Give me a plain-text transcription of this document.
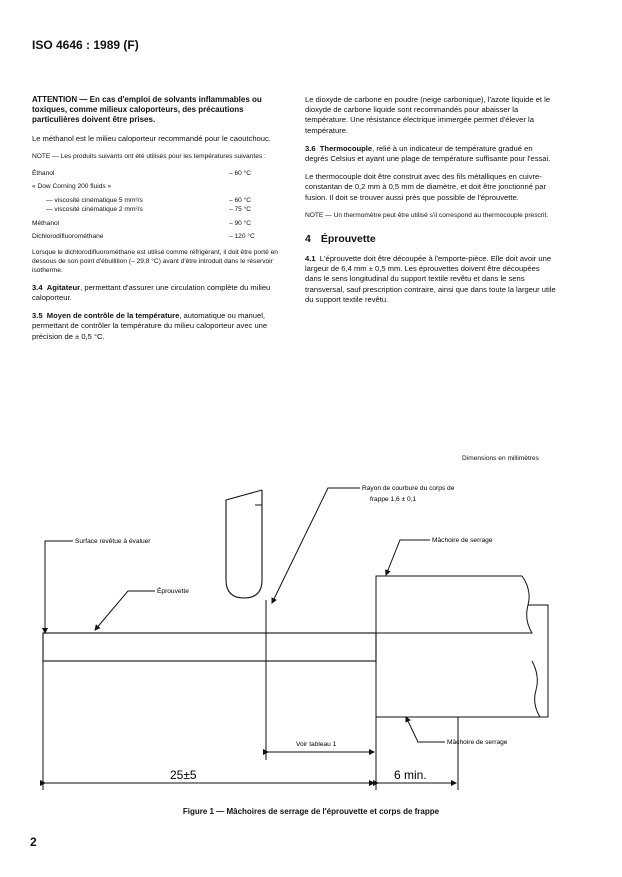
ISO 4646 : 1989 (F)

ATTENTION — En cas d'emploi de solvants inflammables ou toxiques, comme milieux caloporteurs, des précautions particulières doivent être prises.

Le méthanol est le milieu caloporteur recommandé pour le caoutchouc.

NOTE — Les produits suivants ont été utilisés pour les températures suivantes :

Éthanol	– 60 °C
« Dow Corning 200 fluids »
— viscosité cinématique 5 mm²/s	– 60 °C
— viscosité cinématique 2 mm²/s	– 75 °C
Méthanol	– 90 °C
Dichlorodifluorométhane	– 120 °C

Lorsque le dichlorodifluorométhane est utilisé comme réfrigérant, il doit être porté en dessous de son point d'ébullition (– 29,8 °C) avant d'être introduit dans le réservoir isotherme.

3.4 Agitateur, permettant d'assurer une circulation complète du milieu caloporteur.

3.5 Moyen de contrôle de la température, automatique ou manuel, permettant de contrôler la température du milieu caloporteur avec une précision de ± 0,5 °C.

Le dioxyde de carbone en poudre (neige carbonique), l'azote liquide et le dioxyde de carbone liquide sont recommandés pour abaisser la température. Une résistance électrique immergée permet d'élever la température.

3.6 Thermocouple, relié à un indicateur de température gradué en degrés Celsius et ayant une plage de température suffisante pour l'essai.

Le thermocouple doit être construit avec des fils métalliques en cuivre-constantan de 0,2 mm à 0,5 mm de diamètre, et doit être jonctionné par fusion. Il doit se trouver aussi près que possible de l'éprouvette.

NOTE — Un thermomètre peut être utilisé s'il correspond au thermocouple prescrit.

4 Éprouvette

4.1 L'éprouvette doit être découpée à l'emporte-pièce. Elle doit avoir une largeur de 6,4 mm ± 0,5 mm. Les éprouvettes doivent être découpées dans le sens longitudinal du support textile revêtu et dans le sens transversal, sauf prescription contraire, ainsi que dans toute la largeur utile du support textile revêtu.

Dimensions en millimètres
Rayon de courbure du corps de
frappe 1,6 ± 0,1
Mâchoire de serrage
Surface revêtue à évaluer
Éprouvette
Voir tableau 1	Mâchoire de serrage
25±5	6 min.
Figure 1 — Mâchoires de serrage de l'éprouvette et corps de frappe
2
